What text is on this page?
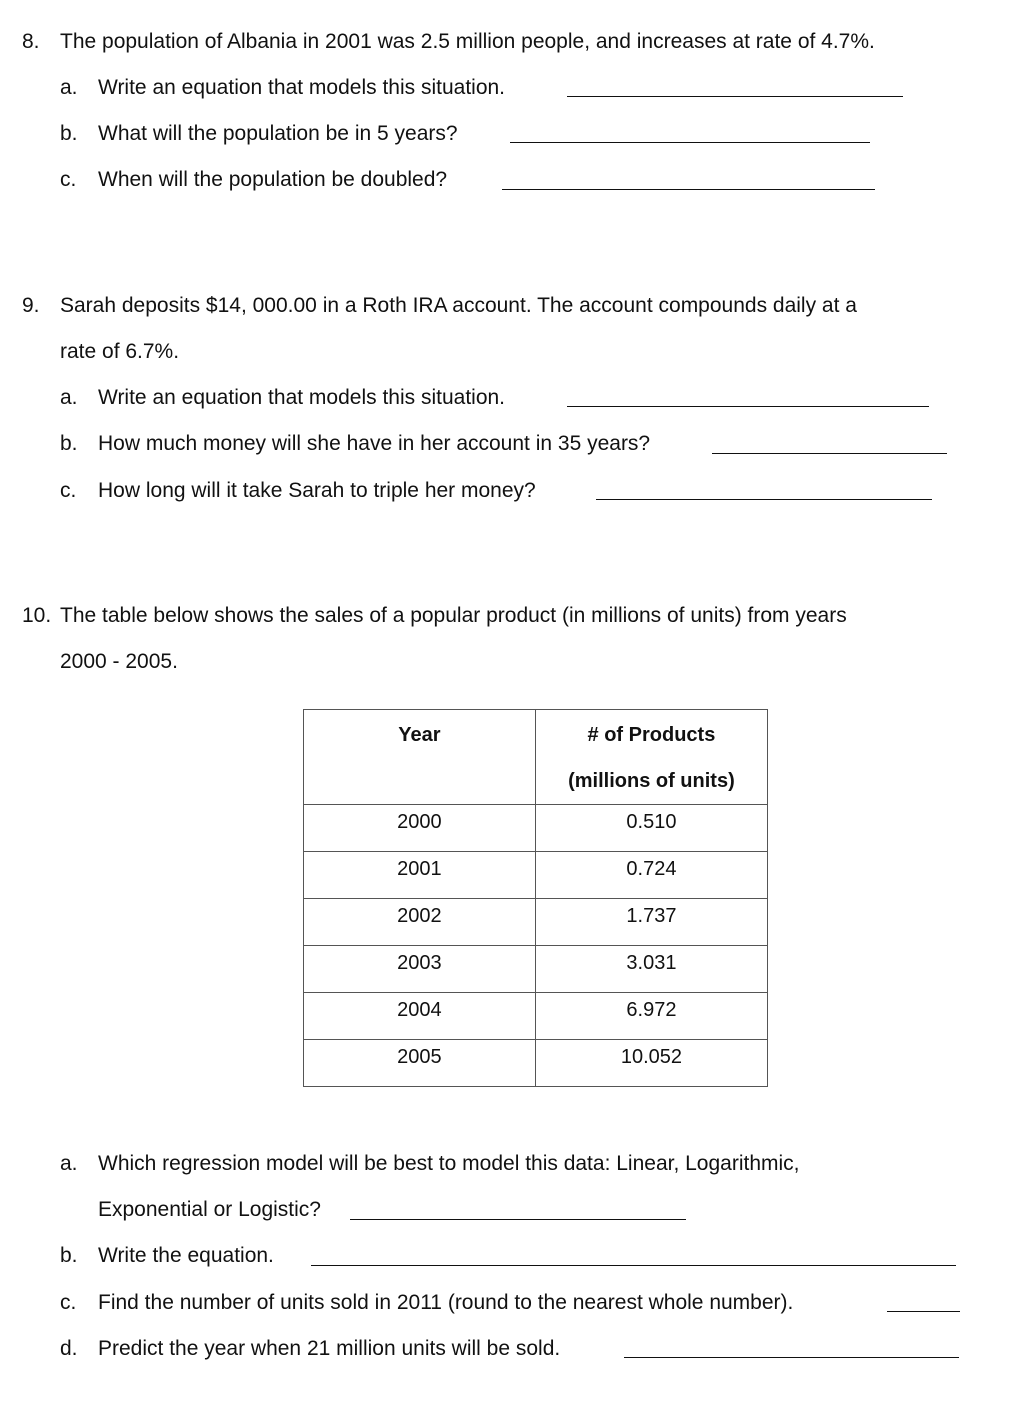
8. The population of Albania in 2001 was 2.5 million people, and increases at rate of 4.7%.
a. Write an equation that models this situation.
b. What will the population be in 5 years?
c. When will the population be doubled?
9. Sarah deposits $14, 000.00 in a Roth IRA account. The account compounds daily at a
rate of 6.7%.
a. Write an equation that models this situation.
b. How much money will she have in her account in 35 years?
c. How long will it take Sarah to triple her money?
10. The table below shows the sales of a popular product (in millions of units) from years
2000 - 2005.
Year	# of Products
(millions of units)

2000	0.510
2001	0.724
2002	1.737
2003	3.031
2004	6.972
2005	10.052
a. Which regression model will be best to model this data: Linear, Logarithmic,
Exponential or Logistic?
b. Write the equation.
c. Find the number of units sold in 2011 (round to the nearest whole number).
d. Predict the year when 21 million units will be sold.
